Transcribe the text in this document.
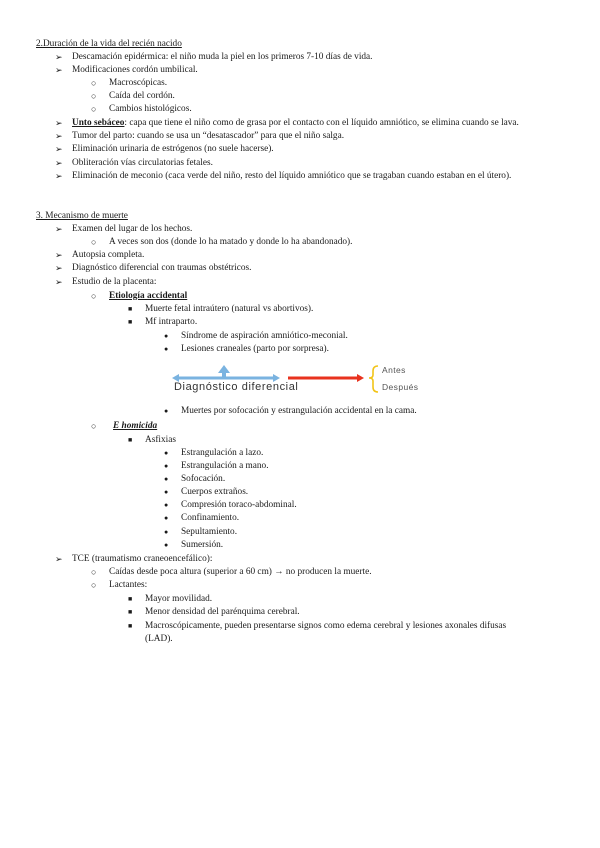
2.Duración de la vida del recién nacido
➢ Descamación epidérmica: el niño muda la piel en los primeros 7-10 días de vida.
➢ Modificaciones cordón umbilical.
○ Macroscópicas.
○ Caída del cordón.
○ Cambios histológicos.
➢ Unto sebáceo: capa que tiene el niño como de grasa por el contacto con el líquido amniótico, se elimina cuando se lava.
➢ Tumor del parto: cuando se usa un “desatascador” para que el niño salga.
➢ Eliminación urinaria de estrógenos (no suele hacerse).
➢ Obliteración vías circulatorias fetales.
➢ Eliminación de meconio (caca verde del niño, resto del líquido amniótico que se tragaban cuando estaban en el útero).
3. Mecanismo de muerte
➢ Examen del lugar de los hechos.
○ A veces son dos (donde lo ha matado y donde lo ha abandonado).
➢ Autopsia completa.
➢ Diagnóstico diferencial con traumas obstétricos.
➢ Estudio de la placenta:
○ Etiología accidental
■ Muerte fetal intraútero (natural vs abortivos).
■ Mf intraparto.
● Síndrome de aspiración amniótico-meconial.
● Lesiones craneales (parto por sorpresa).
Diagnóstico diferencial
Antes
Después
● Muertes por sofocación y estrangulación accidental en la cama.
○ E homicida
■ Asfixias
● Estrangulación a lazo.
● Estrangulación a mano.
● Sofocación.
● Cuerpos extraños.
● Compresión toraco-abdominal.
● Confinamiento.
● Sepultamiento.
● Sumersión.
➢ TCE (traumatismo craneoencefálico):
○ Caídas desde poca altura (superior a 60 cm) → no producen la muerte.
○ Lactantes:
■ Mayor movilidad.
■ Menor densidad del parénquima cerebral.
■ Macroscópicamente, pueden presentarse signos como edema cerebral y lesiones axonales difusas
(LAD).
